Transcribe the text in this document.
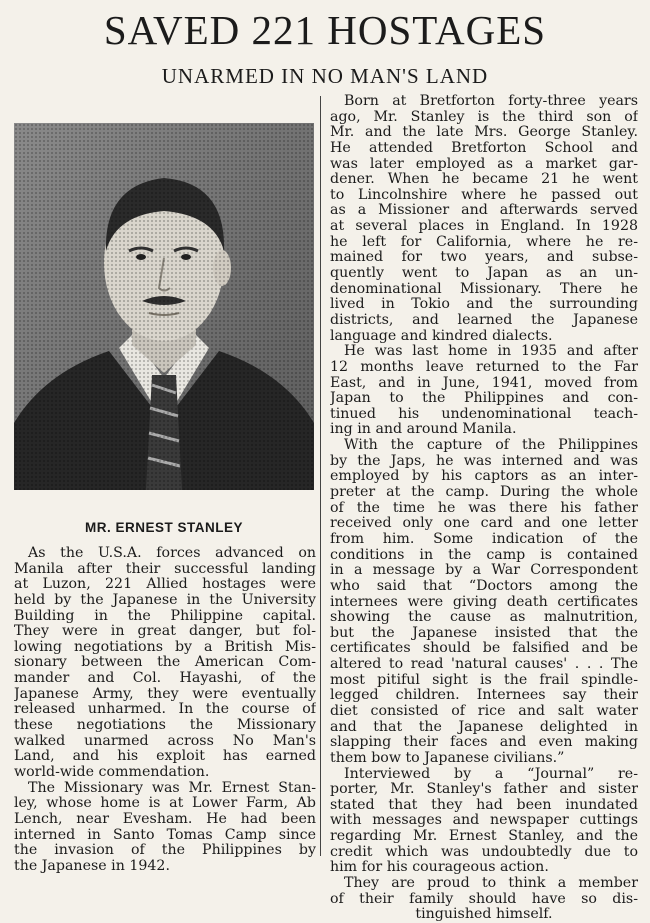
SAVED 221 HOSTAGES
UNARMED IN NO MAN'S LAND
MR. ERNEST STANLEY
As the U.S.A. forces advanced on
Manila after their successful landing
at Luzon, 221 Allied hostages were
held by the Japanese in the University
Building in the Philippine capital.
They were in great danger, but fol-
lowing negotiations by a British Mis-
sionary between the American Com-
mander and Col. Hayashi, of the
Japanese Army, they were eventually
released unharmed. In the course of
these negotiations the Missionary
walked unarmed across No Man's
Land, and his exploit has earned
world-wide commendation.
The Missionary was Mr. Ernest Stan-
ley, whose home is at Lower Farm, Ab
Lench, near Evesham. He had been
interned in Santo Tomas Camp since
the invasion of the Philippines by
the Japanese in 1942.
Born at Bretforton forty-three years
ago, Mr. Stanley is the third son of
Mr. and the late Mrs. George Stanley.
He attended Bretforton School and
was later employed as a market gar-
dener. When he became 21 he went
to Lincolnshire where he passed out
as a Missioner and afterwards served
at several places in England. In 1928
he left for California, where he re-
mained for two years, and subse-
quently went to Japan as an un-
denominational Missionary. There he
lived in Tokio and the surrounding
districts, and learned the Japanese
language and kindred dialects.
He was last home in 1935 and after
12 months leave returned to the Far
East, and in June, 1941, moved from
Japan to the Philippines and con-
tinued his undenominational teach-
ing in and around Manila.
With the capture of the Philippines
by the Japs, he was interned and was
employed by his captors as an inter-
preter at the camp. During the whole
of the time he was there his father
received only one card and one letter
from him. Some indication of the
conditions in the camp is contained
in a message by a War Correspondent
who said that “Doctors among the
internees were giving death certificates
showing the cause as malnutrition,
but the Japanese insisted that the
certificates should be falsified and be
altered to read 'natural causes' . . . The
most pitiful sight is the frail spindle-
legged children. Internees say their
diet consisted of rice and salt water
and that the Japanese delighted in
slapping their faces and even making
them bow to Japanese civilians.”
Interviewed by a “Journal” re-
porter, Mr. Stanley's father and sister
stated that they had been inundated
with messages and newspaper cuttings
regarding Mr. Ernest Stanley, and the
credit which was undoubtedly due to
him for his courageous action.
They are proud to think a member
of their family should have so dis-
tinguished himself.
